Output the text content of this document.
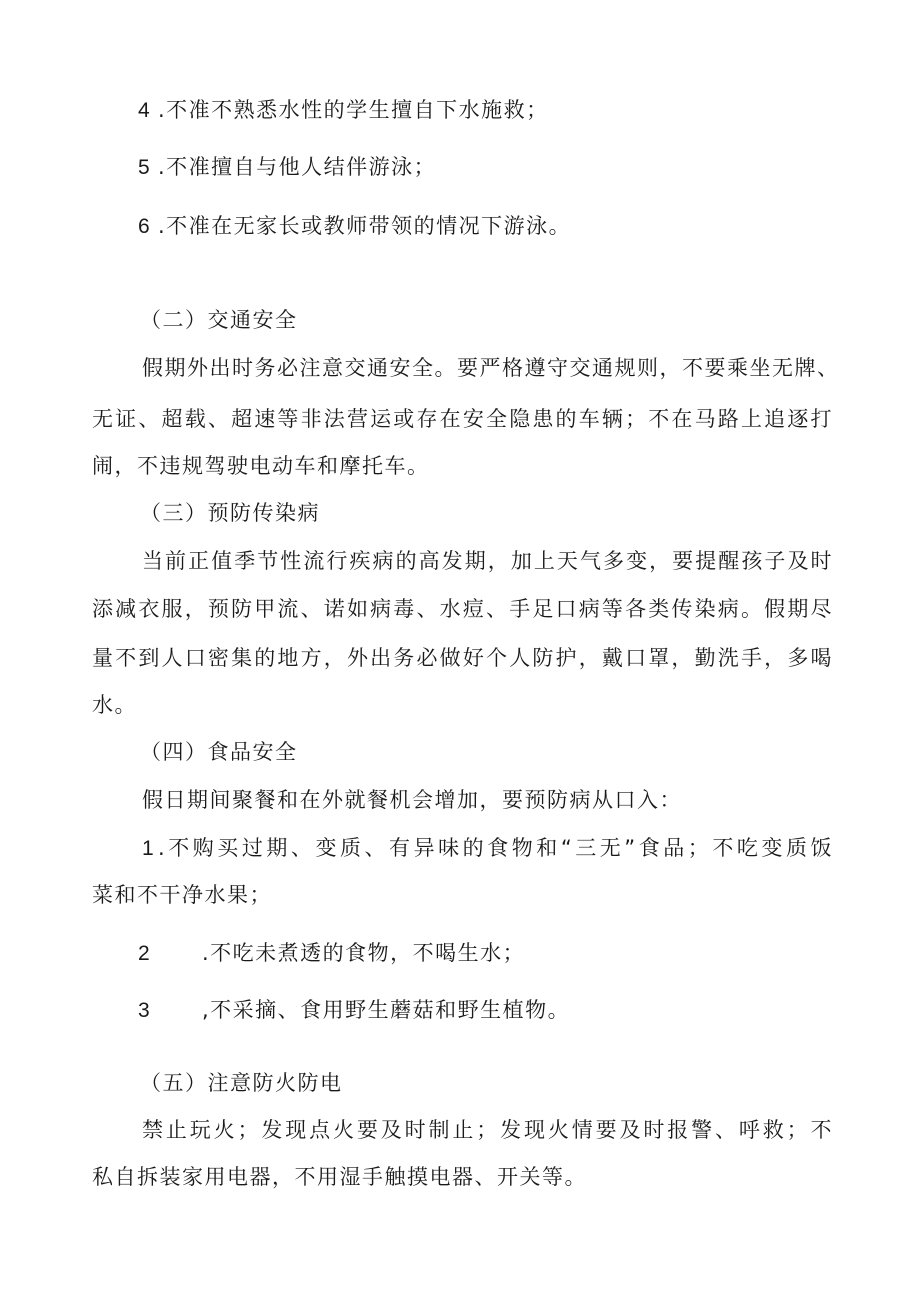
4 .不准不熟悉水性的学生擅自下水施救；
5 .不准擅自与他人结伴游泳；
6 .不准在无家长或教师带领的情况下游泳。
（二）交通安全
假期外出时务必注意交通安全。要严格遵守交通规则，不要乘坐无牌、
无证、超载、超速等非法营运或存在安全隐患的车辆；不在马路上追逐打
闹，不违规驾驶电动车和摩托车。
（三）预防传染病
当前正值季节性流行疾病的高发期，加上天气多变，要提醒孩子及时
添减衣服，预防甲流、诺如病毒、水痘、手足口病等各类传染病。假期尽
量不到人口密集的地方，外出务必做好个人防护，戴口罩，勤洗手，多喝
水。
（四）食品安全
假日期间聚餐和在外就餐机会增加，要预防病从口入：
1 .不购买过期、变质、有异味的食物和“三无”食品；不吃变质饭
菜和不干净水果；
2 .不吃未煮透的食物，不喝生水；
3 ,不采摘、食用野生蘑菇和野生植物。
（五）注意防火防电
禁止玩火；发现点火要及时制止；发现火情要及时报警、呼救；不
私自拆装家用电器，不用湿手触摸电器、开关等。
